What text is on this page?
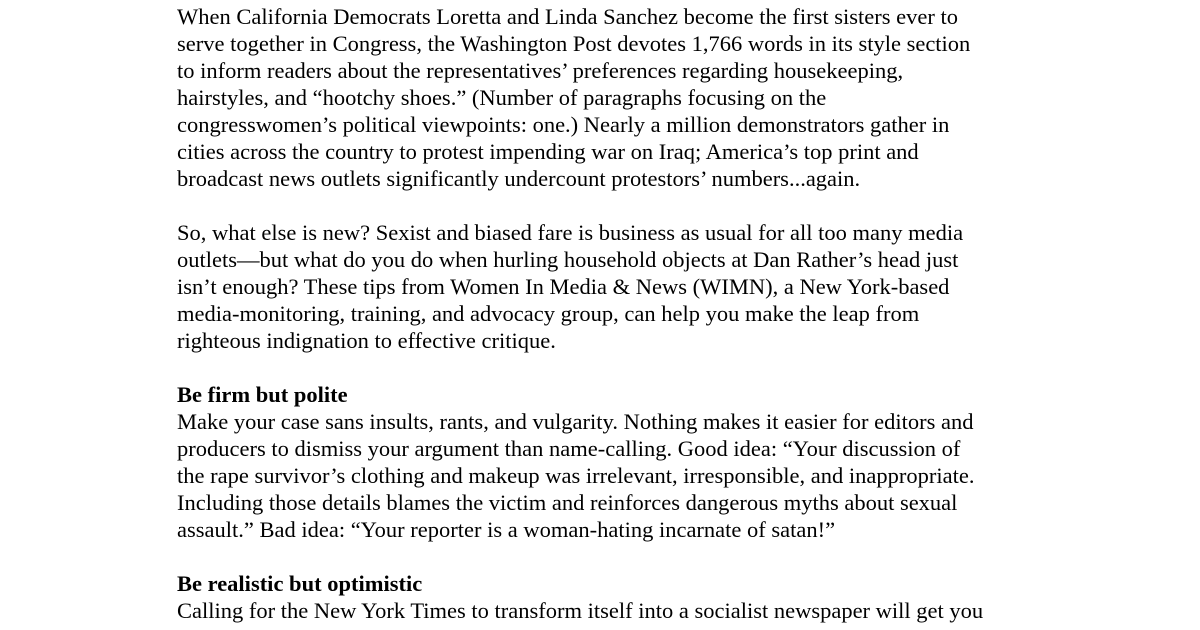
When California Democrats Loretta and Linda Sanchez become the first sisters ever to
serve together in Congress, the Washington Post devotes 1,766 words in its style section
to inform readers about the representatives’ preferences regarding housekeeping,
hairstyles, and “hootchy shoes.” (Number of paragraphs focusing on the
congresswomen’s political viewpoints: one.) Nearly a million demonstrators gather in
cities across the country to protest impending war on Iraq; America’s top print and
broadcast news outlets significantly undercount protestors’ numbers...again.
So, what else is new? Sexist and biased fare is business as usual for all too many media
outlets—but what do you do when hurling household objects at Dan Rather’s head just
isn’t enough? These tips from Women In Media & News (WIMN), a New York-based
media-monitoring, training, and advocacy group, can help you make the leap from
righteous indignation to effective critique.
Be firm but polite
Make your case sans insults, rants, and vulgarity. Nothing makes it easier for editors and
producers to dismiss your argument than name-calling. Good idea: “Your discussion of
the rape survivor’s clothing and makeup was irrelevant, irresponsible, and inappropriate.
Including those details blames the victim and reinforces dangerous myths about sexual
assault.” Bad idea: “Your reporter is a woman-hating incarnate of satan!”
Be realistic but optimistic
Calling for the New York Times to transform itself into a socialist newspaper will get you
